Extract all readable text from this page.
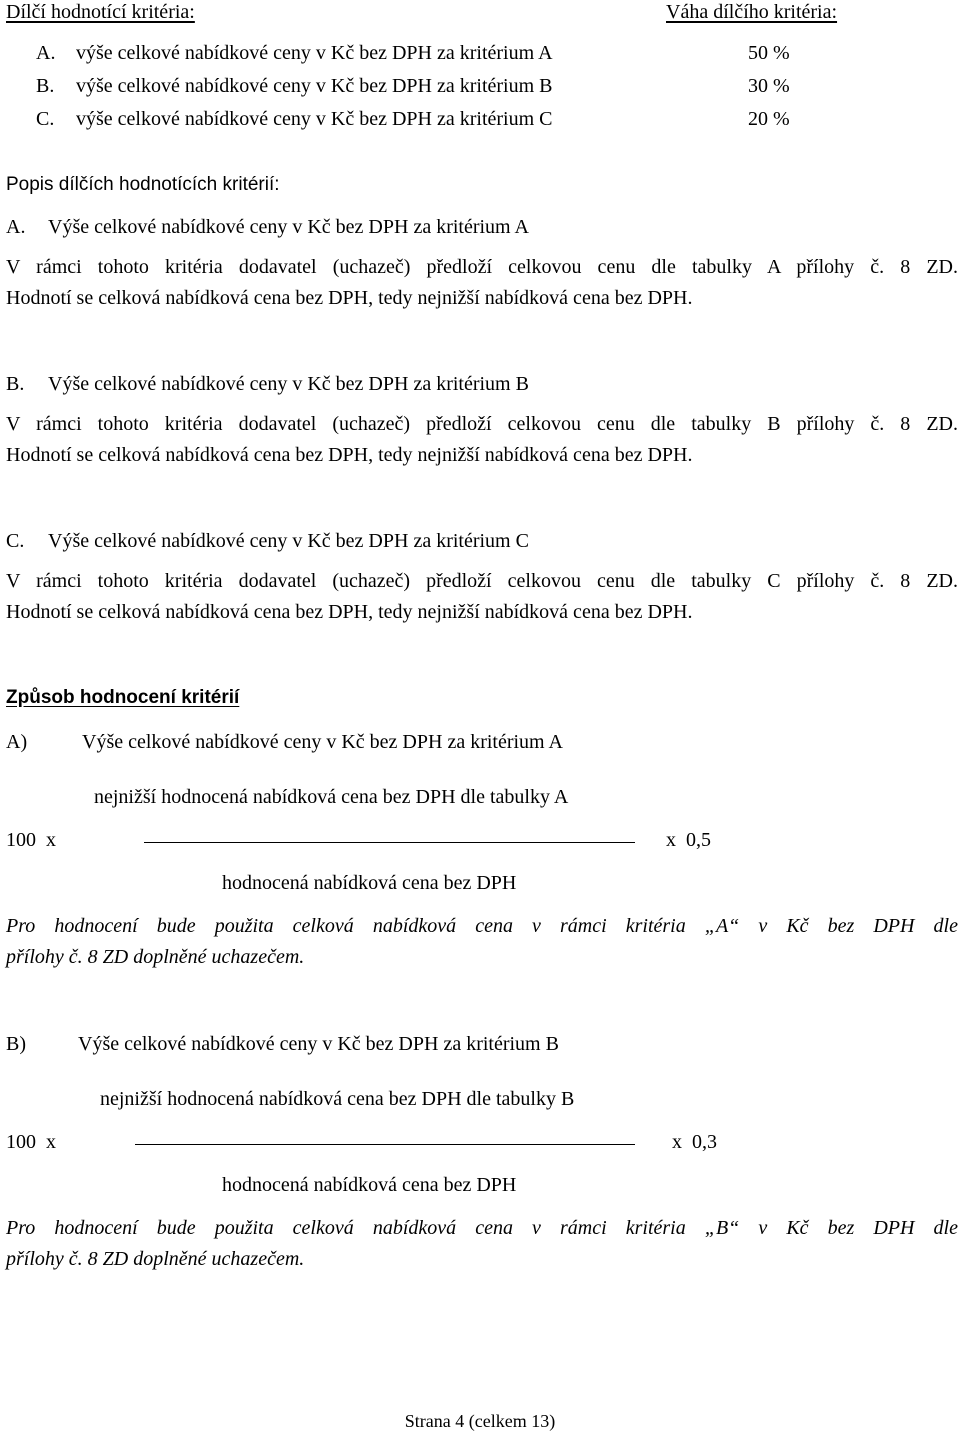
Dílčí hodnotící kritéria:	Váha dílčího kritéria:
A. výše celkové nabídkové ceny v Kč bez DPH za kritérium A	50 %
B. výše celkové nabídkové ceny v Kč bez DPH za kritérium B	30 %
C. výše celkové nabídkové ceny v Kč bez DPH za kritérium C	20 %
Popis dílčích hodnotících kritérií:
A. Výše celkové nabídkové ceny v Kč bez DPH za kritérium A
V rámci tohoto kritéria dodavatel (uchazeč) předloží celkovou cenu dle tabulky A přílohy č. 8 ZD.
Hodnotí se celková nabídková cena bez DPH, tedy nejnižší nabídková cena bez DPH.
B. Výše celkové nabídkové ceny v Kč bez DPH za kritérium B
V rámci tohoto kritéria dodavatel (uchazeč) předloží celkovou cenu dle tabulky B přílohy č. 8 ZD.
Hodnotí se celková nabídková cena bez DPH, tedy nejnižší nabídková cena bez DPH.
C. Výše celkové nabídkové ceny v Kč bez DPH za kritérium C
V rámci tohoto kritéria dodavatel (uchazeč) předloží celkovou cenu dle tabulky C přílohy č. 8 ZD.
Hodnotí se celková nabídková cena bez DPH, tedy nejnižší nabídková cena bez DPH.
Způsob hodnocení kritérií
A)	Výše celkové nabídkové ceny v Kč bez DPH za kritérium A
nejnižší hodnocená nabídková cena bez DPH dle tabulky A
100  x	x  0,5
hodnocená nabídková cena bez DPH
Pro hodnocení bude použita celková nabídková cena v rámci kritéria „A“ v Kč bez DPH dle
přílohy č. 8 ZD doplněné uchazečem.
B)	Výše celkové nabídkové ceny v Kč bez DPH za kritérium B
nejnižší hodnocená nabídková cena bez DPH dle tabulky B
100  x	x  0,3
hodnocená nabídková cena bez DPH
Pro hodnocení bude použita celková nabídková cena v rámci kritéria „B“ v Kč bez DPH dle
přílohy č. 8 ZD doplněné uchazečem.
Strana 4 (celkem 13)
